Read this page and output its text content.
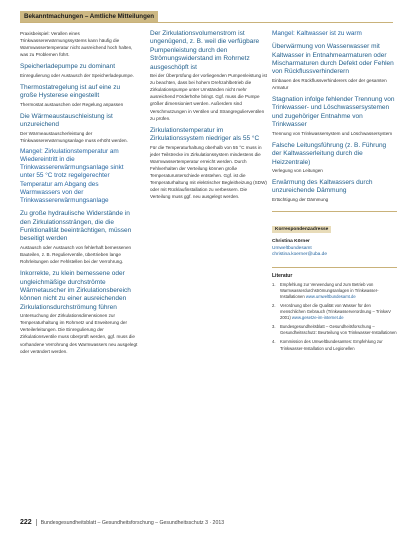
Bekanntmachungen – Amtliche Mitteilungen
Praxisbeispiel: Verallen eines Trinkwassererwärmungssystems kann häufig die Warmwassertemperatur nicht ausreichend hoch halten, was zu Problemen führt.
Speicherladepumpe zu dominant
Einregulierung oder Austausch der Speicherladepumpe.
Thermostatregelung ist auf eine zu große Hysterese eingestellt
Thermostat austauschen oder Regelung anpassen
Die Wärmeaustauschleistung ist unzureichend
Der Wärmeaustauscherleistung der Trinkwassererwärmungsanlage muss erhöht werden.
Mangel: Zirkulationstemperatur am Wiedereintritt in die Trinkwassererwärmungsanlage sinkt unter 55 °C trotz regelgerechter Temperatur am Abgang des Warmwassers von der Trinkwassererwärmungsanlage
Zu große hydraulische Widerstände in den Zirkulationssträngen, die die Funktionalität beeinträchtigen, müssen beseitigt werden
Austausch oder Austausch von fehlerhaft bemessenen Bauteilen, z. B. Regulierventile, übertrieben lange Rohrleitungen oder Fehlstellen bei der Verrohrung.
Inkorrekte, zu klein bemessene oder ungleichmäßige durchströmte Wärmetauscher im Zirkulationsbereich können nicht zu einer ausreichenden Zirkulationsdurchströmung führen
Untersuchung der Zirkulationsdimensionen zur Temperaturhaltung im Rohrnetz und Erweiterung der Verteilerleitungen. Die Einregulierung der Zirkulationsventile muss überprüft werden, ggf. muss die vorhandene Verrohrung des Warmwassers neu ausgelegt oder verändert werden.
Der Zirkulationsvolumenstrom ist ungenügend, z. B. weil die verfügbare Pumpenleistung durch den Strömungswiderstand im Rohrnetz ausgeschöpft ist
Bei der Überprüfung der vorliegenden Pumpenleistung ist zu beachten, dass bei hohem Drehzahlbetrieb die Zirkulationspumpe unter Umständen nicht mehr ausreichend Förderhöhe bringt. Ggf. muss die Pumpe größer dimensioniert werden. Außerdem sind Verschmutzungen in Ventilen und Strangregulierventilen zu prüfen.
Zirkulationstemperatur im Zirkulationssystem niedriger als 55 °C
Für die Temperaturhaltung oberhalb von 55 °C muss in jeder Teilstrecke im Zirkulationssystem mindestens die Warmwassertemperatur erreicht werden. Durch Fehlverhalten der Verteilung können große Temperaturunterschiede entstehen. Ggf. ist die Temperaturhaltung mit elektrischer Begleitheizung (SDW) oder mit Rücklaufinstallation zu verbessern. Die Verteilung muss ggf. neu ausgelegt werden.
Mangel: Kaltwasser ist zu warm
Überwärmung von Wasserwasser mit Kaltwasser in Entnahmearmaturen oder Mischarmaturen durch Defekt oder Fehlen von Rückflussverhinderern
Einbauen des Rückflussverhinderers oder der gesamten Armatur
Stagnation infolge fehlender Trennung von Trinkwasser- und Löschwassersystemen und zugehöriger Entnahme von Trinkwasser
Trennung von Trinkwassersystem und Löschwassersystem
Falsche Leitungsführung (z. B. Führung der Kaltwasserleitung durch die Heizzentrale)
Verlegung von Leitungen
Erwärmung des Kaltwassers durch unzureichende Dämmung
Ertüchtigung der Dämmung
Korrespondenzadresse
Christina Körner
Umweltbundesamt
christina.koerner@uba.de
Literatur
1. Empfehlung zur Verwendung und zum Betrieb von Warmwasserdurchströmungsanlagen in Trinkwasser-Installationen www.umweltbundesamt.de
2. Verordnung über die Qualität von Wasser für den menschlichen Gebrauch (Trinkwasserverordnung – TrinkwV 2001) www.gesetze-im-internet.de
3. Bundesgesundheitsblatt – Gesundheitsforschung – Gesundheitsschutz: Beurteilung von Trinkwasser-Installationen
4. Kommission des Umweltbundesamtes: Empfehlung zur Trinkwasser-Installation und Legionellen
222 Bundesgesundheitsblatt – Gesundheitsforschung – Gesundheitsschutz 3 · 2013
